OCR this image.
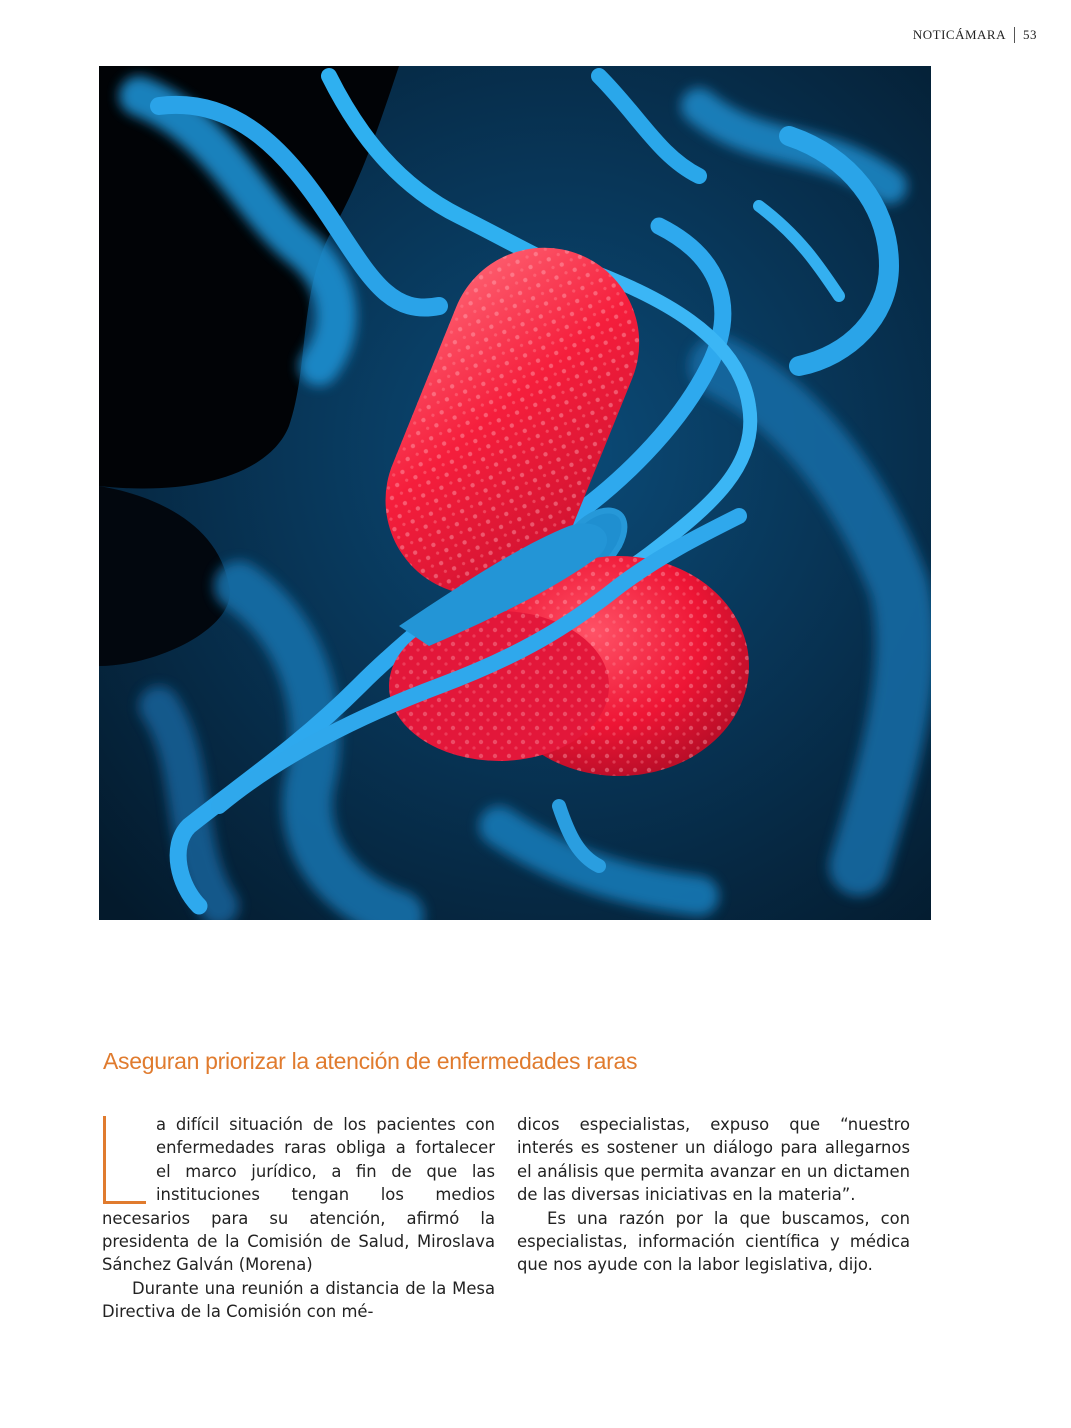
NOTICÁMARA 53
Aseguran priorizar la atención de enfermedades raras

a difícil situación de los pacientes con enfermedades raras obliga a fortalecer el marco jurídico, a fin de que las instituciones tengan los medios necesarios para su atención, afirmó la presidenta de la Comisión de Salud, Miroslava Sánchez Galván (Morena)

Durante una reunión a distancia de la Mesa Directiva de la Comisión con mé-

dicos especialistas, expuso que “nuestro interés es sostener un diálogo para allegarnos el análisis que permita avanzar en un dictamen de las diversas iniciativas en la materia”.

Es una razón por la que buscamos, con especialistas, información científica y médica que nos ayude con la labor legislativa, dijo.
